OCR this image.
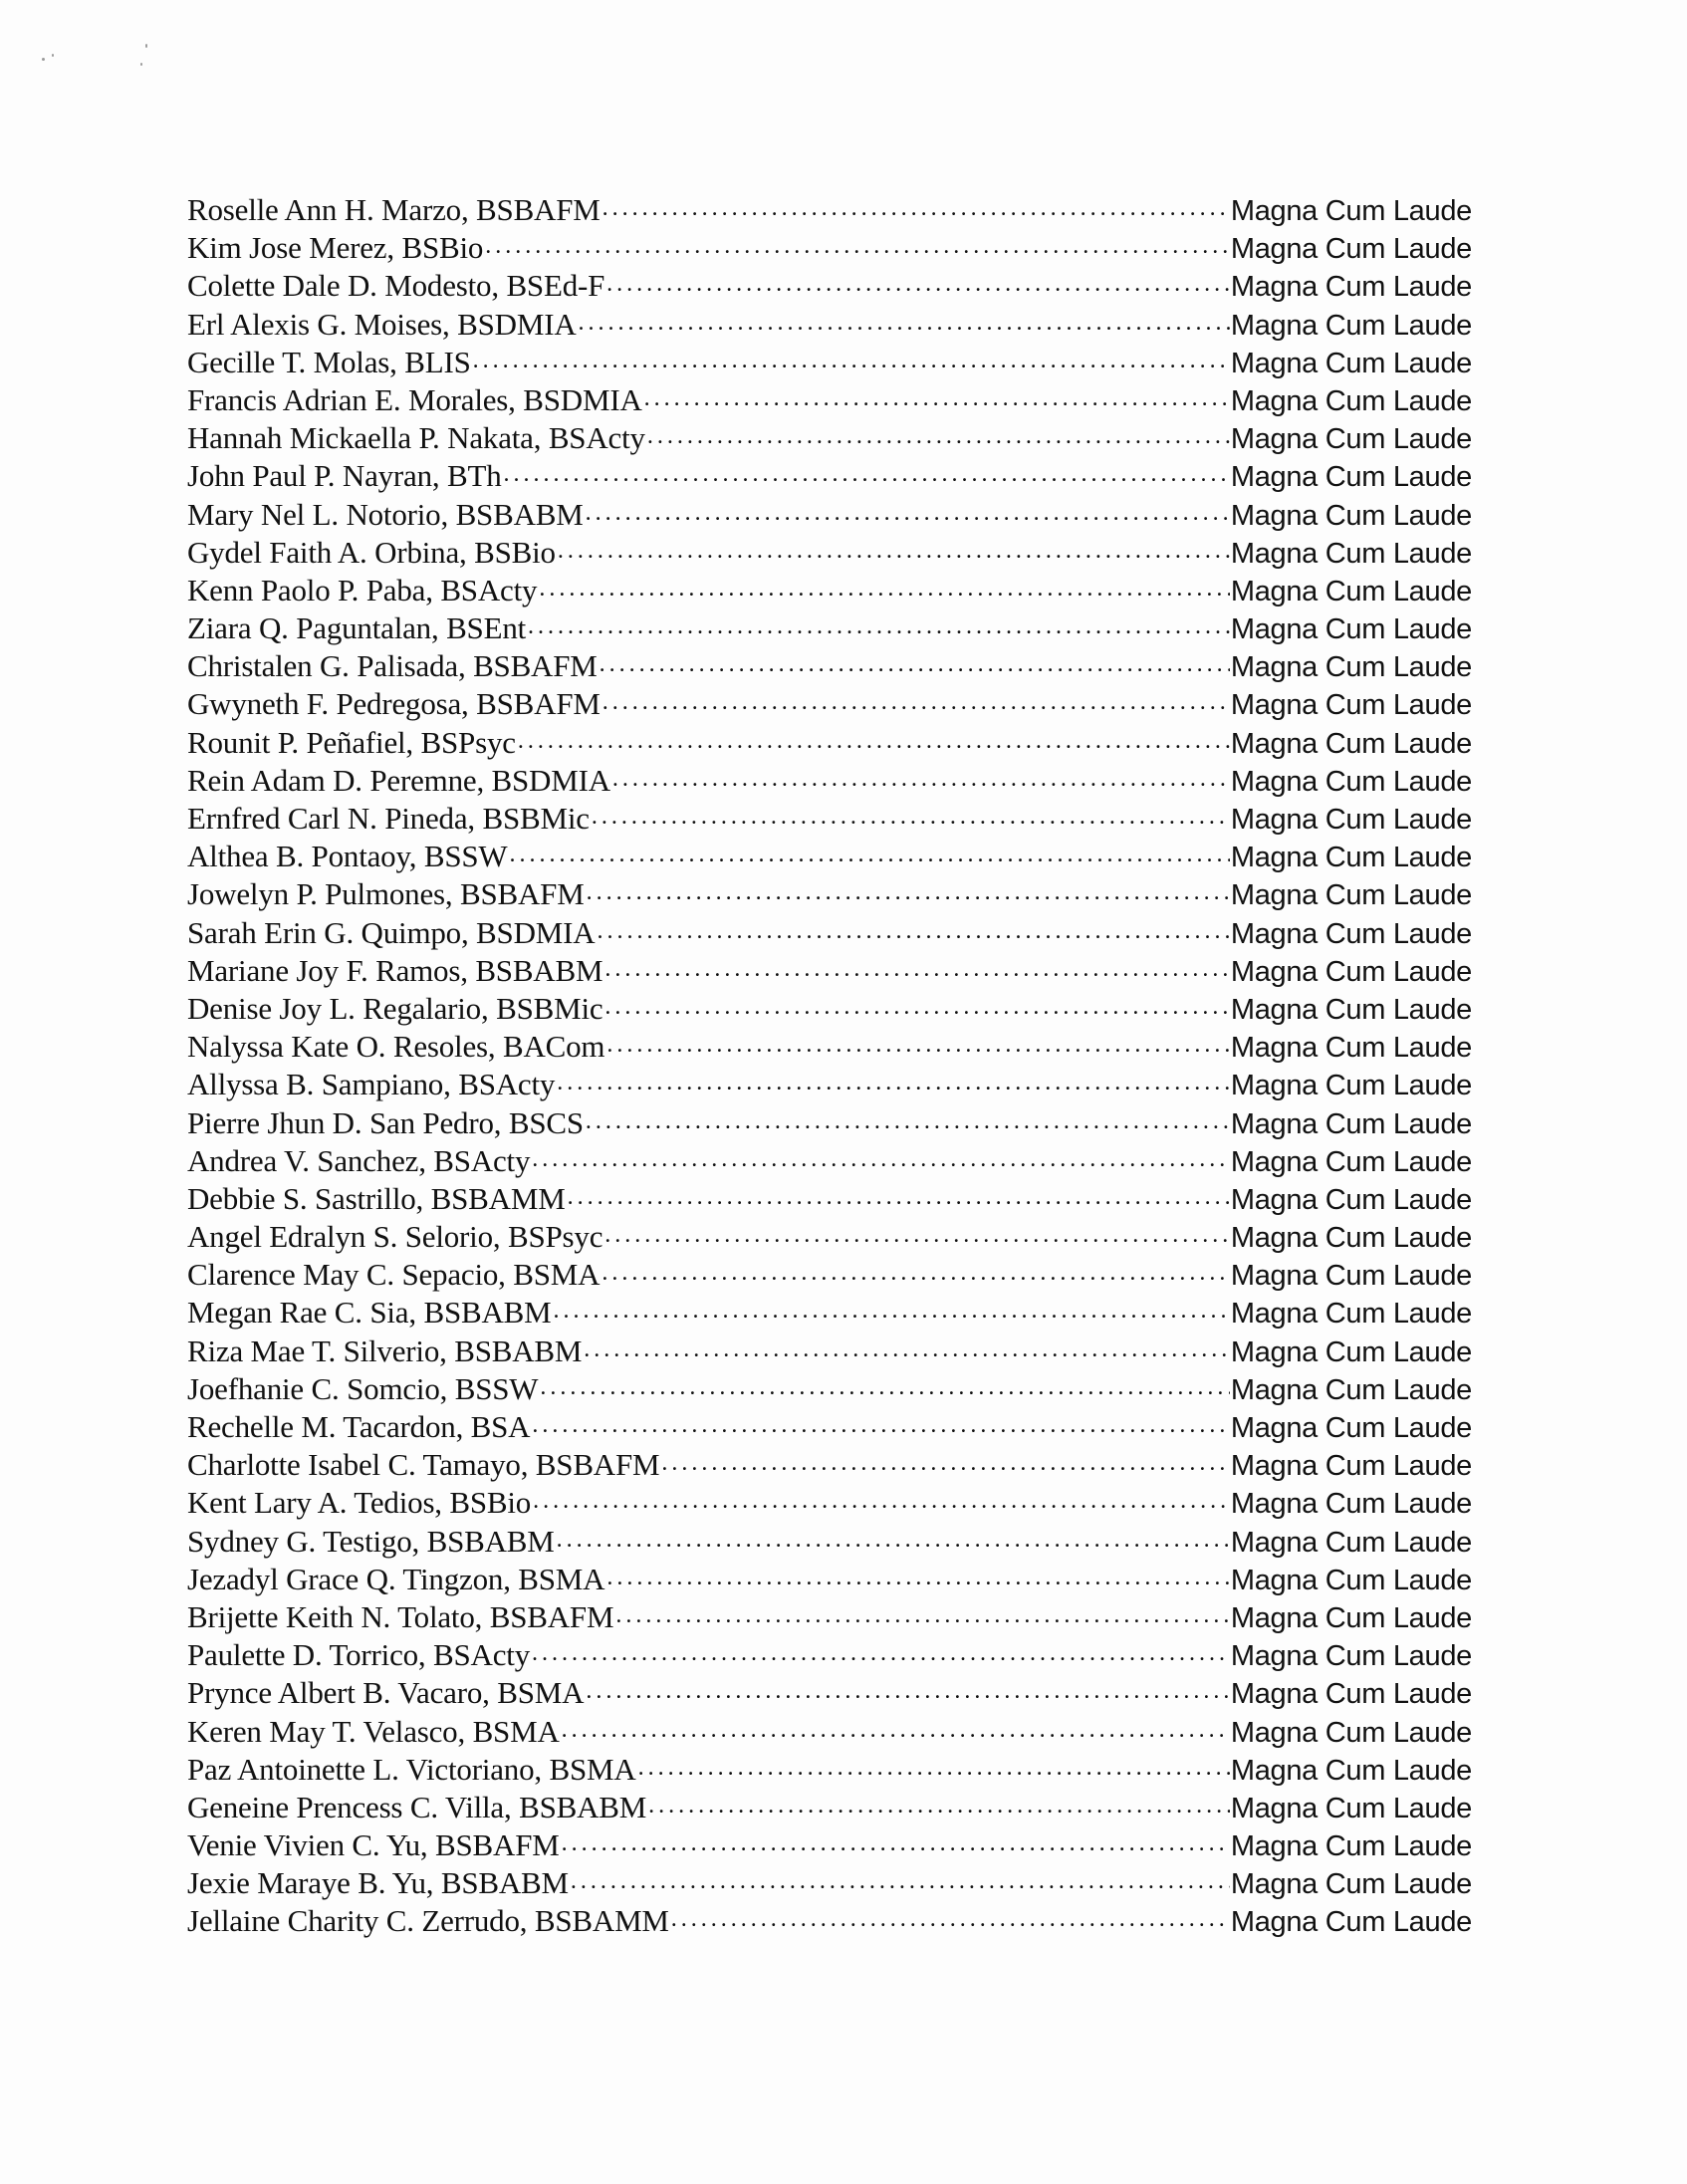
Roselle Ann H. Marzo, BSBAFM . . .	Magna Cum Laude
Kim Jose Merez, BSBio . . .	Magna Cum Laude
Colette Dale D. Modesto, BSEd-F . . .	Magna Cum Laude
Erl Alexis G. Moises, BSDMIA . . .	Magna Cum Laude
Gecille T. Molas, BLIS . . .	Magna Cum Laude
Francis Adrian E. Morales, BSDMIA . . .	Magna Cum Laude
Hannah Mickaella P. Nakata, BSActy . . .	Magna Cum Laude
John Paul P. Nayran, BTh . . .	Magna Cum Laude
Mary Nel L. Notorio, BSBABM . . .	Magna Cum Laude
Gydel Faith A. Orbina, BSBio . . .	Magna Cum Laude
Kenn Paolo P. Paba, BSActy . . .	Magna Cum Laude
Ziara Q. Paguntalan, BSEnt . . .	Magna Cum Laude
Christalen G. Palisada, BSBAFM . . .	Magna Cum Laude
Gwyneth F. Pedregosa, BSBAFM . . .	Magna Cum Laude
Rounit P. Peñafiel, BSPsyc . . .	Magna Cum Laude
Rein Adam D. Peremne, BSDMIA . . .	Magna Cum Laude
Ernfred Carl N. Pineda, BSBMic . . .	Magna Cum Laude
Althea B. Pontaoy, BSSW . . .	Magna Cum Laude
Jowelyn P. Pulmones, BSBAFM . . .	Magna Cum Laude
Sarah Erin G. Quimpo, BSDMIA . . .	Magna Cum Laude
Mariane Joy F. Ramos, BSBABM . . .	Magna Cum Laude
Denise Joy L. Regalario, BSBMic . . .	Magna Cum Laude
Nalyssa Kate O. Resoles, BACom . . .	Magna Cum Laude
Allyssa B. Sampiano, BSActy . . .	Magna Cum Laude
Pierre Jhun D. San Pedro, BSCS . . .	Magna Cum Laude
Andrea V. Sanchez, BSActy . . .	Magna Cum Laude
Debbie S. Sastrillo, BSBAMM . . .	Magna Cum Laude
Angel Edralyn S. Selorio, BSPsyc . . .	Magna Cum Laude
Clarence May C. Sepacio, BSMA . . .	Magna Cum Laude
Megan Rae C. Sia, BSBABM . . .	Magna Cum Laude
Riza Mae T. Silverio, BSBABM . . .	Magna Cum Laude
Joefhanie C. Somcio, BSSW . . .	Magna Cum Laude
Rechelle M. Tacardon, BSA . . .	Magna Cum Laude
Charlotte Isabel C. Tamayo, BSBAFM . . .	Magna Cum Laude
Kent Lary A. Tedios, BSBio . . .	Magna Cum Laude
Sydney G. Testigo, BSBABM . . .	Magna Cum Laude
Jezadyl Grace Q. Tingzon, BSMA . . .	Magna Cum Laude
Brijette Keith N. Tolato, BSBAFM . . .	Magna Cum Laude
Paulette D. Torrico, BSActy . . .	Magna Cum Laude
Prynce Albert B. Vacaro, BSMA . . .	Magna Cum Laude
Keren May T. Velasco, BSMA . . .	Magna Cum Laude
Paz Antoinette L. Victoriano, BSMA . . .	Magna Cum Laude
Geneine Prencess C. Villa, BSBABM . . .	Magna Cum Laude
Venie Vivien C. Yu, BSBAFM . . .	Magna Cum Laude
Jexie Maraye B. Yu, BSBABM . . .	Magna Cum Laude
Jellaine Charity C. Zerrudo, BSBAMM . . .	Magna Cum Laude
